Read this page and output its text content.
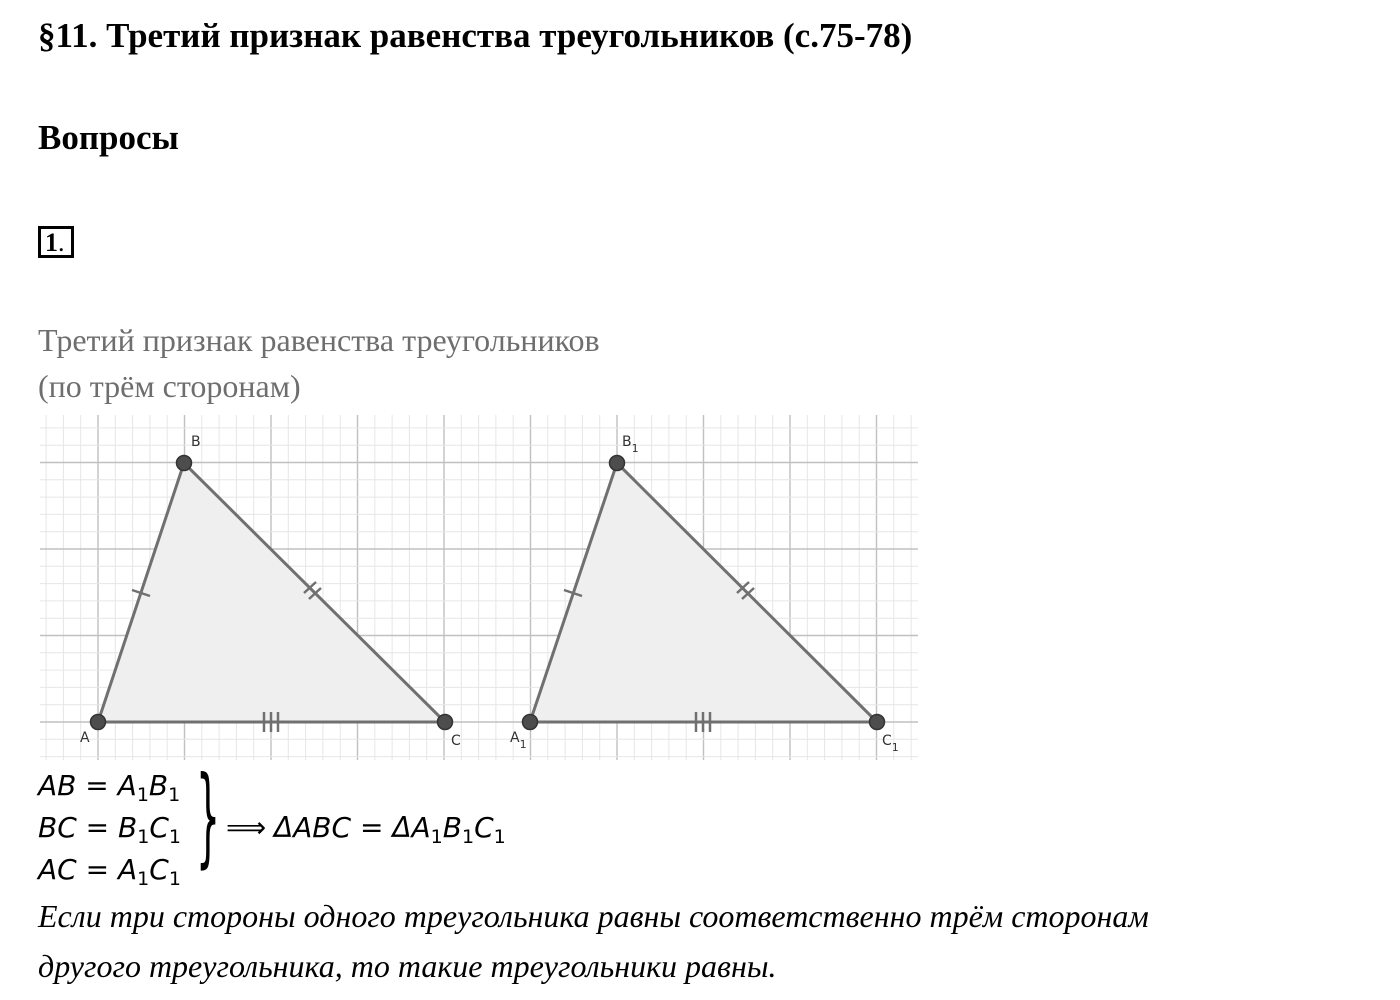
§11. Третий признак равенства треугольников (с.75-78)
Вопросы
1.
Третий признак равенства треугольников
(по трём сторонам)
A
B
C	$A_1$
$B_1$
$C_1$
AB = $A_1B_1$
BC = $B_1C_1$
AC = $A_1C_1$ } ⟹ $\Delta ABC = \Delta A_1B_1C_1$
Если три стороны одного треугольника равны соответственно трём сторонам
другого треугольника, то такие треугольники равны.
